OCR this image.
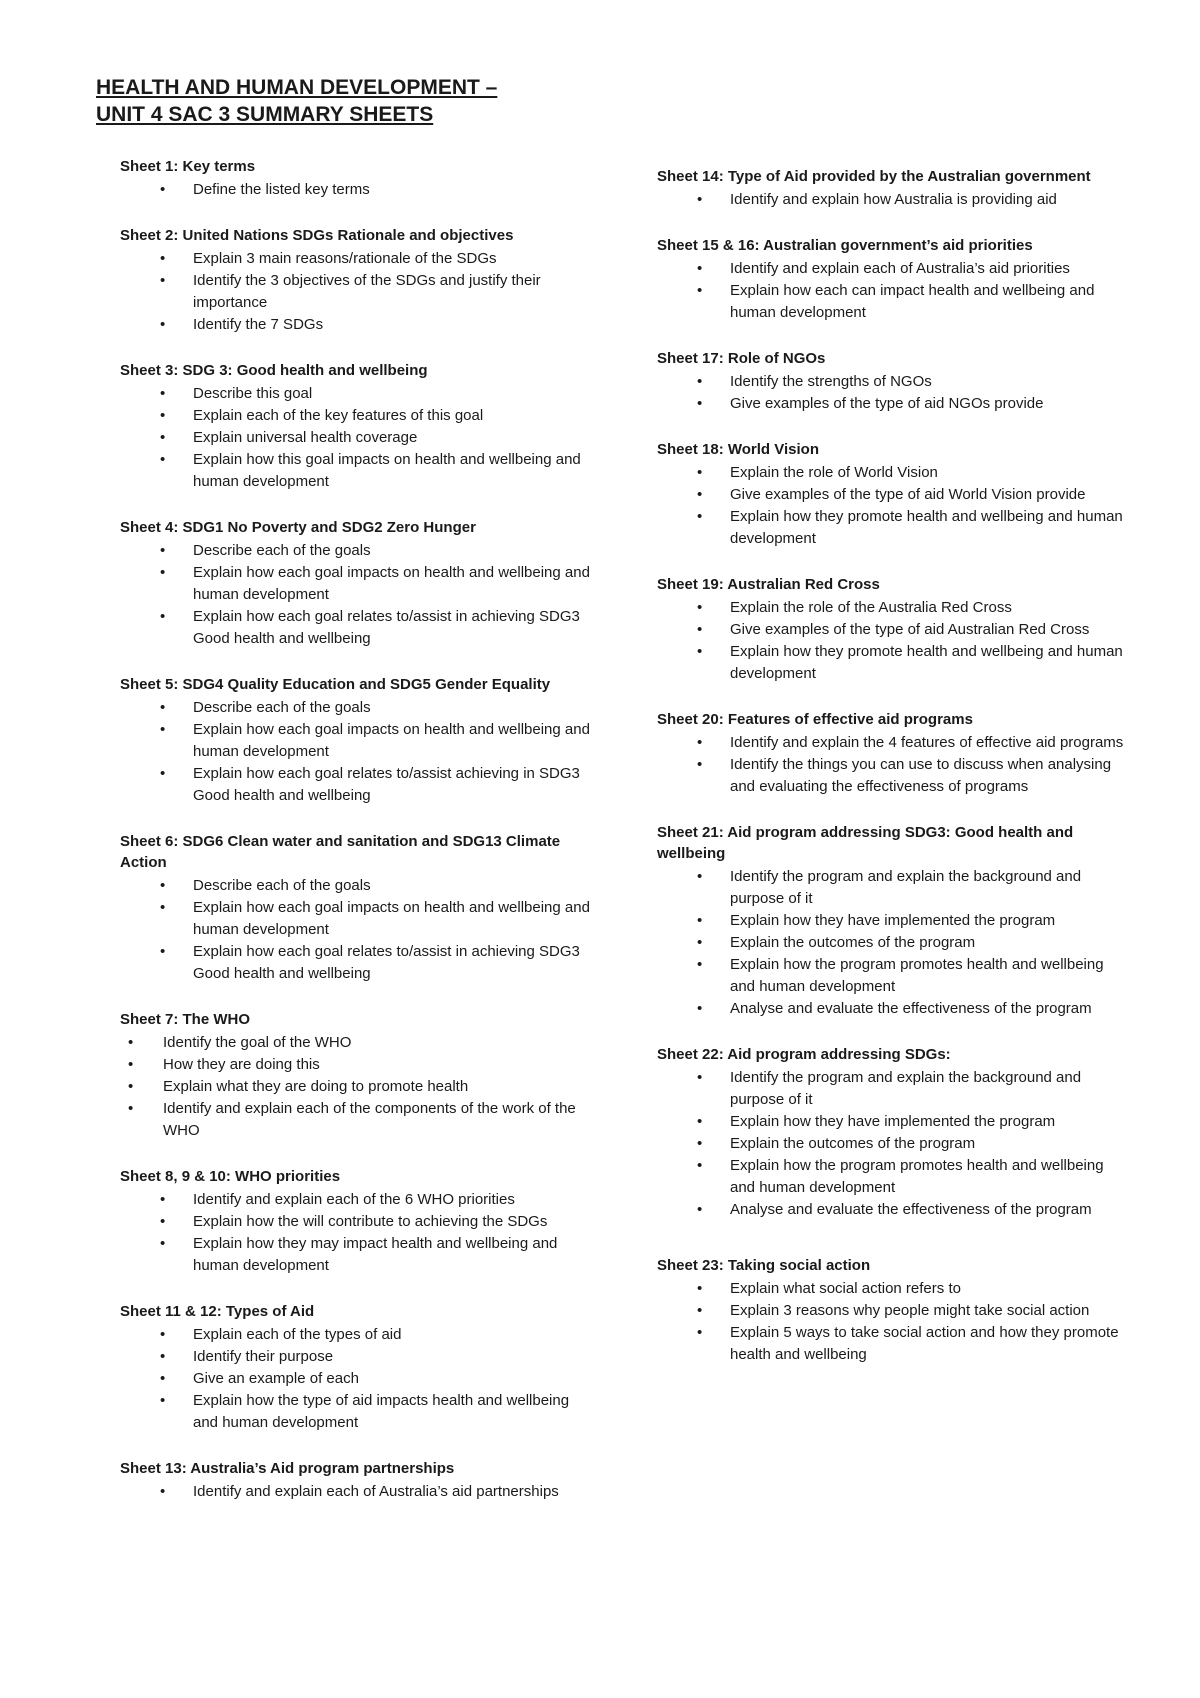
HEALTH AND HUMAN DEVELOPMENT –
UNIT 4 SAC 3 SUMMARY SHEETS
Sheet 1: Key terms
• Define the listed key terms
Sheet 2: United Nations SDGs Rationale and objectives
• Explain 3 main reasons/rationale of the SDGs
• Identify the 3 objectives of the SDGs and justify their importance
• Identify the 7 SDGs
Sheet 3: SDG 3: Good health and wellbeing
• Describe this goal
• Explain each of the key features of this goal
• Explain universal health coverage
• Explain how this goal impacts on health and wellbeing and human development
Sheet 4: SDG1 No Poverty and SDG2 Zero Hunger
• Describe each of the goals
• Explain how each goal impacts on health and wellbeing and human development
• Explain how each goal relates to/assist in achieving SDG3 Good health and wellbeing
Sheet 5: SDG4 Quality Education and SDG5 Gender Equality
• Describe each of the goals
• Explain how each goal impacts on health and wellbeing and human development
• Explain how each goal relates to/assist achieving in SDG3 Good health and wellbeing
Sheet 6: SDG6 Clean water and sanitation and SDG13 Climate Action
• Describe each of the goals
• Explain how each goal impacts on health and wellbeing and human development
• Explain how each goal relates to/assist in achieving SDG3 Good health and wellbeing
Sheet 7: The WHO
• Identify the goal of the WHO
• How they are doing this
• Explain what they are doing to promote health
• Identify and explain each of the components of the work of the WHO
Sheet 8, 9 & 10: WHO priorities
• Identify and explain each of the 6 WHO priorities
• Explain how the will contribute to achieving the SDGs
• Explain how they may impact health and wellbeing and human development
Sheet 11 & 12: Types of Aid
• Explain each of the types of aid
• Identify their purpose
• Give an example of each
• Explain how the type of aid impacts health and wellbeing and human development
Sheet 13: Australia’s Aid program partnerships
• Identify and explain each of Australia’s aid partnerships
Sheet 14: Type of Aid provided by the Australian government
• Identify and explain how Australia is providing aid
Sheet 15 & 16: Australian government’s aid priorities
• Identify and explain each of Australia’s aid priorities
• Explain how each can impact health and wellbeing and human development
Sheet 17: Role of NGOs
• Identify the strengths of NGOs
• Give examples of the type of aid NGOs provide
Sheet 18: World Vision
• Explain the role of World Vision
• Give examples of the type of aid World Vision provide
• Explain how they promote health and wellbeing and human development
Sheet 19: Australian Red Cross
• Explain the role of the Australia Red Cross
• Give examples of the type of aid Australian Red Cross
• Explain how they promote health and wellbeing and human development
Sheet 20: Features of effective aid programs
• Identify and explain the 4 features of effective aid programs
• Identify the things you can use to discuss when analysing and evaluating the effectiveness of programs
Sheet 21: Aid program addressing SDG3: Good health and wellbeing
• Identify the program and explain the background and purpose of it
• Explain how they have implemented the program
• Explain the outcomes of the program
• Explain how the program promotes health and wellbeing and human development
• Analyse and evaluate the effectiveness of the program
Sheet 22: Aid program addressing SDGs:
• Identify the program and explain the background and purpose of it
• Explain how they have implemented the program
• Explain the outcomes of the program
• Explain how the program promotes health and wellbeing and human development
• Analyse and evaluate the effectiveness of the program
Sheet 23: Taking social action
• Explain what social action refers to
• Explain 3 reasons why people might take social action
• Explain 5 ways to take social action and how they promote health and wellbeing
